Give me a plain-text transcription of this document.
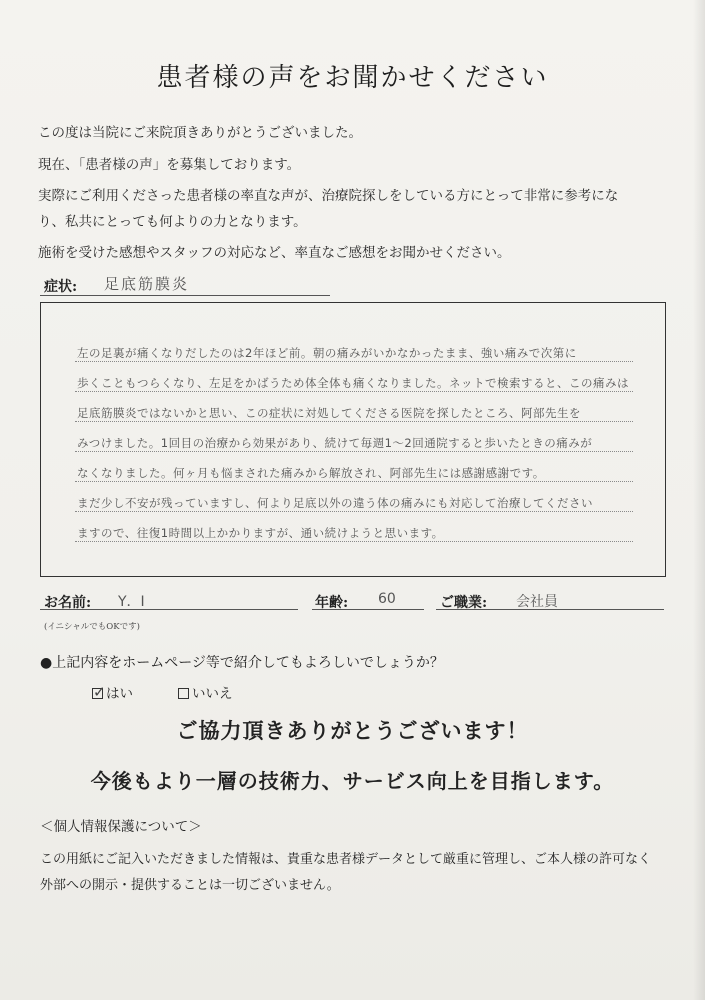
患者様の声をお聞かせください
この度は当院にご来院頂きありがとうございました。
現在、「患者様の声」を募集しております。
実際にご利用くださった患者様の率直な声が、治療院探しをしている方にとって非常に参考にな
り、私共にとっても何よりの力となります。
施術を受けた感想やスタッフの対応など、率直なご感想をお聞かせください。
症状: 足底筋膜炎
左の足裏が痛くなりだしたのは2年ほど前。朝の痛みがいかなかったまま、強い痛みで次第に
歩くこともつらくなり、左足をかばうため体全体も痛くなりました。ネットで検索すると、この痛みは
足底筋膜炎ではないかと思い、この症状に対処してくださる医院を探したところ、阿部先生を
みつけました。1回目の治療から効果があり、続けて毎週1〜2回通院すると歩いたときの痛みが
なくなりました。何ヶ月も悩まされた痛みから解放され、阿部先生には感謝感謝です。
まだ少し不安が残っていますし、何より足底以外の違う体の痛みにも対応して治療してください
ますので、往復1時間以上かかりますが、通い続けようと思います。
お名前: Y．I	年齢: 60	ご職業: 会社員
(イニシャルでもOKです)
●上記内容をホームページ等で紹介してもよろしいでしょうか？
✓ はい	いいえ
ご協力頂きありがとうございます！
今後もより一層の技術力、サービス向上を目指します。
＜個人情報保護について＞
この用紙にご記入いただきました情報は、貴重な患者様データとして厳重に管理し、ご本人様の許可なく
外部への開示・提供することは一切ございません。
